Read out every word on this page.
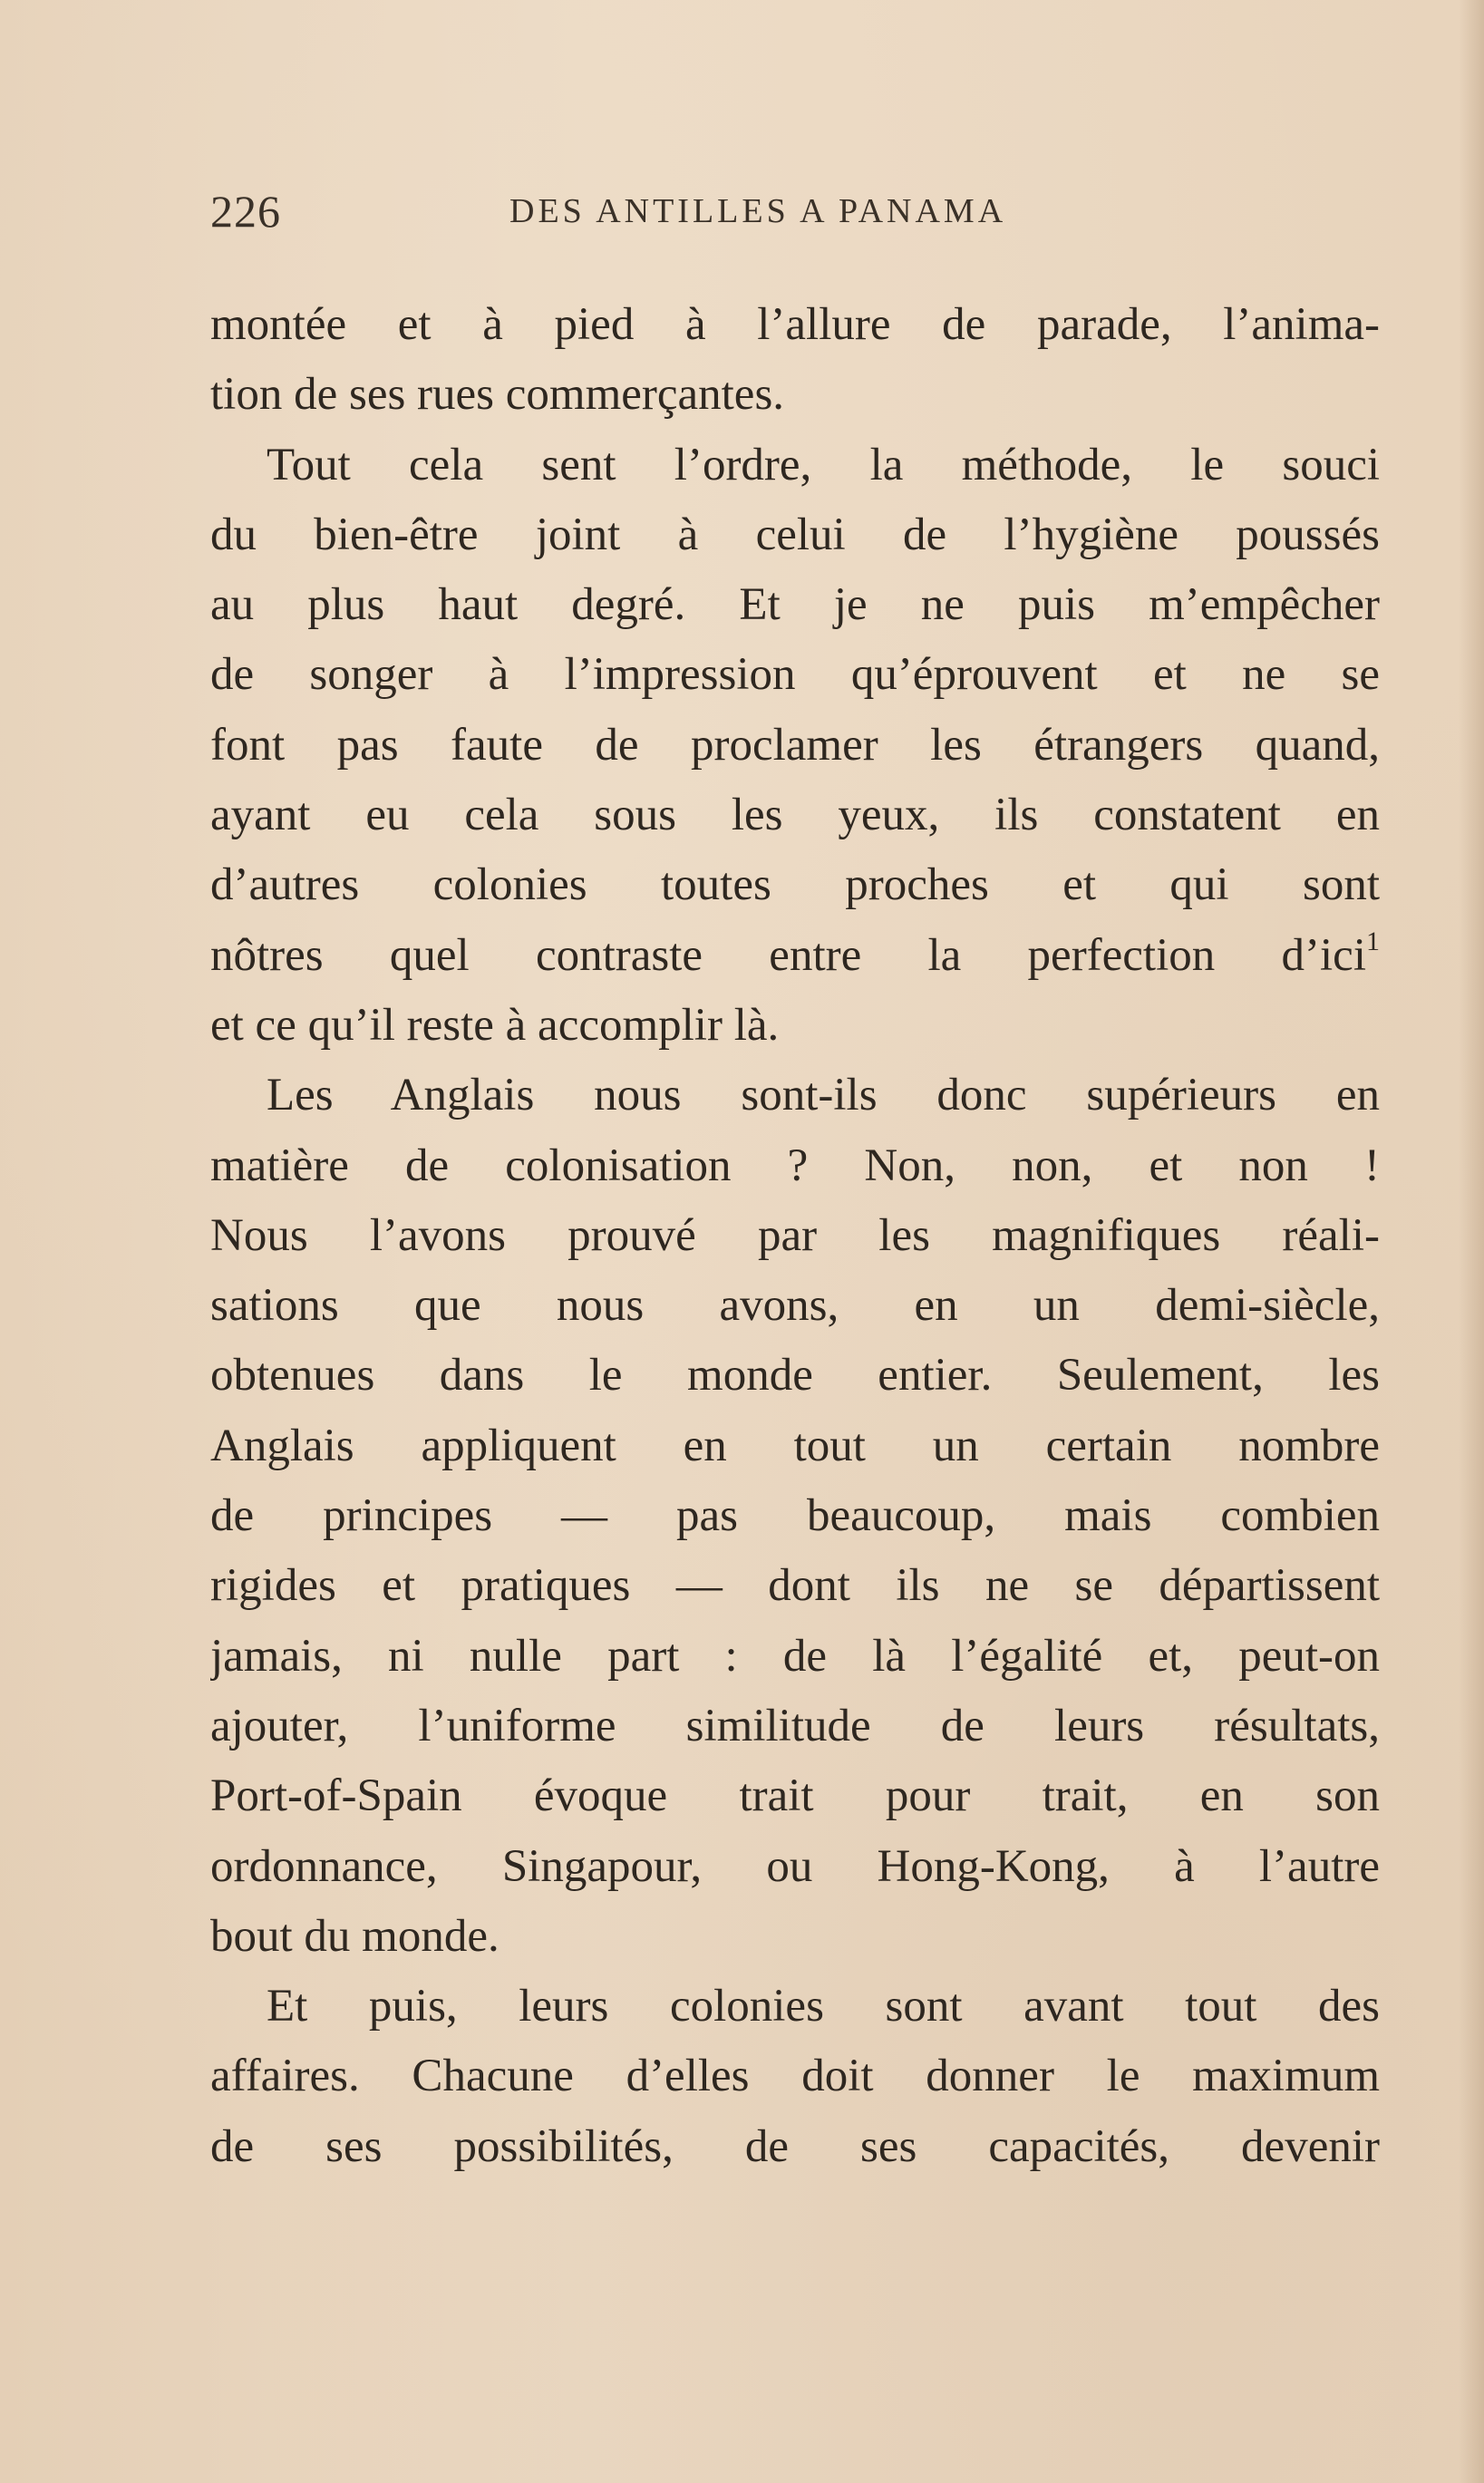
226	DES ANTILLES A PANAMA
montée et à pied à l’allure de parade, l’anima-
tion de ses rues commerçantes.
Tout cela sent l’ordre, la méthode, le souci
du bien-être joint à celui de l’hygiène poussés
au plus haut degré. Et je ne puis m’empêcher
de songer à l’impression qu’éprouvent et ne se
font pas faute de proclamer les étrangers quand,
ayant eu cela sous les yeux, ils constatent en
d’autres colonies toutes proches et qui sont
nôtres quel contraste entre la perfection d’ici$^1$
et ce qu’il reste à accomplir là.
Les Anglais nous sont-ils donc supérieurs en
matière de colonisation ? Non, non, et non !
Nous l’avons prouvé par les magnifiques réali-
sations que nous avons, en un demi-siècle,
obtenues dans le monde entier. Seulement, les
Anglais appliquent en tout un certain nombre
de principes — pas beaucoup, mais combien
rigides et pratiques — dont ils ne se départissent
jamais, ni nulle part : de là l’égalité et, peut-on
ajouter, l’uniforme similitude de leurs résultats,
Port-of-Spain évoque trait pour trait, en son
ordonnance, Singapour, ou Hong-Kong, à l’autre
bout du monde.
Et puis, leurs colonies sont avant tout des
affaires. Chacune d’elles doit donner le maximum
de ses possibilités, de ses capacités, devenir
